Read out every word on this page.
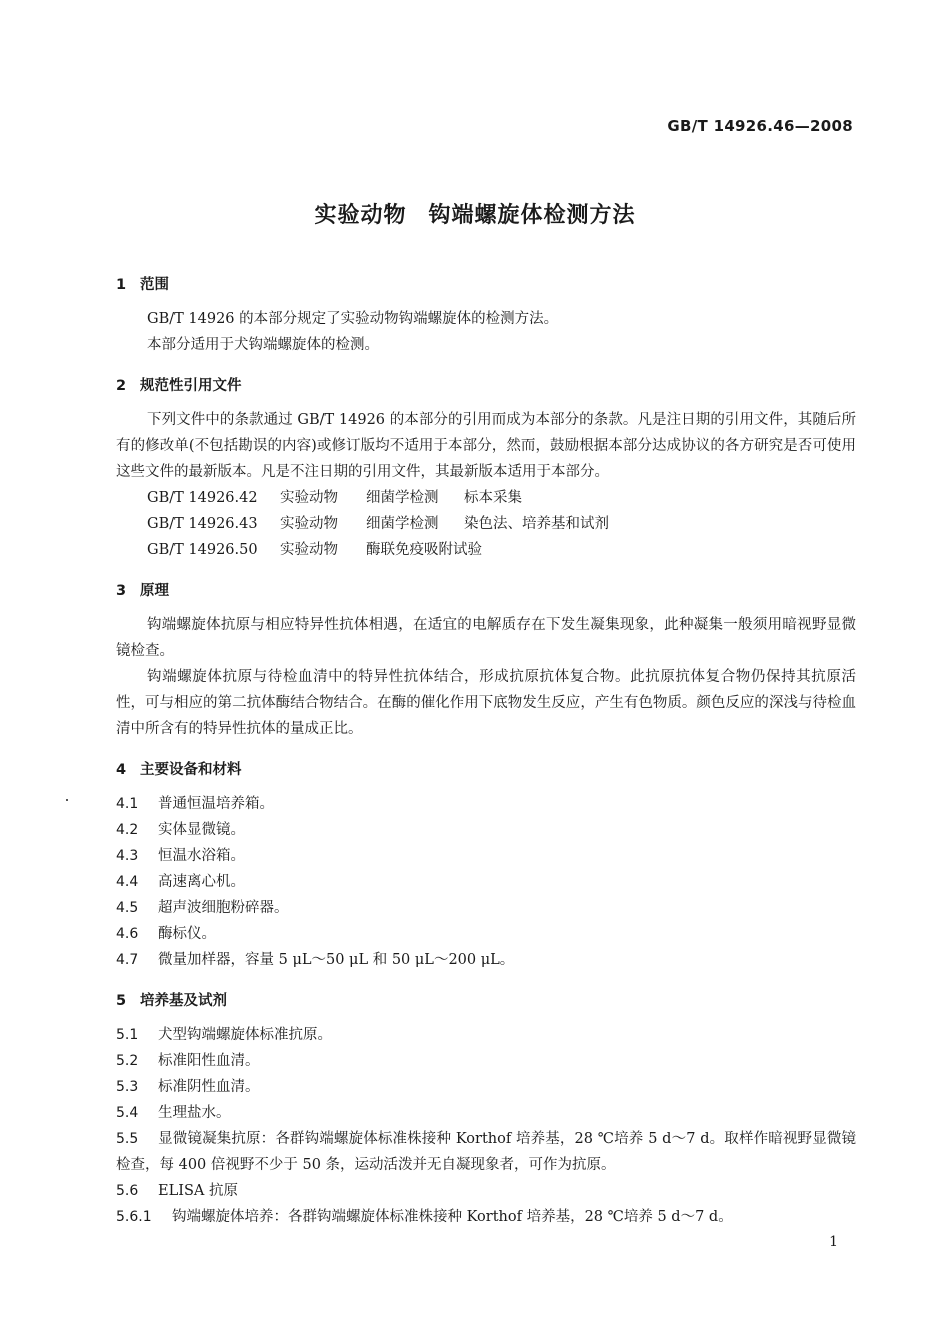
GB/T 14926.46—2008
实验动物 钩端螺旋体检测方法
1 范围

GB/T 14926 的本部分规定了实验动物钩端螺旋体的检测方法。

本部分适用于犬钩端螺旋体的检测。

2 规范性引用文件

下列文件中的条款通过 GB/T 14926 的本部分的引用而成为本部分的条款。凡是注日期的引用文件，其随后所有的修改单(不包括勘误的内容)或修订版均不适用于本部分，然而，鼓励根据本部分达成协议的各方研究是否可使用这些文件的最新版本。凡是不注日期的引用文件，其最新版本适用于本部分。

GB/T 14926.42	实验动物	细菌学检测	标本采集
GB/T 14926.43	实验动物	细菌学检测	染色法、培养基和试剂
GB/T 14926.50	实验动物	酶联免疫吸附试验
3 原理

钩端螺旋体抗原与相应特异性抗体相遇，在适宜的电解质存在下发生凝集现象，此种凝集一般须用暗视野显微镜检查。

钩端螺旋体抗原与待检血清中的特异性抗体结合，形成抗原抗体复合物。此抗原抗体复合物仍保持其抗原活性，可与相应的第二抗体酶结合物结合。在酶的催化作用下底物发生反应，产生有色物质。颜色反应的深浅与待检血清中所含有的特异性抗体的量成正比。

4 主要设备和材料
4.1	普通恒温培养箱。
4.2	实体显微镜。
4.3	恒温水浴箱。
4.4	高速离心机。
4.5	超声波细胞粉碎器。
4.6	酶标仪。
4.7	微量加样器，容量 5 μL～50 μL 和 50 μL～200 μL。
5 培养基及试剂
5.1	犬型钩端螺旋体标准抗原。
5.2	标准阳性血清。
5.3	标准阴性血清。
5.4	生理盐水。
5.5 显微镜凝集抗原：各群钩端螺旋体标准株接种 Korthof 培养基，28 ℃培养 5 d～7 d。取样作暗视野显微镜检查，每 400 倍视野不少于 50 条，运动活泼并无自凝现象者，可作为抗原。
5.6	ELISA 抗原
5.6.1	钩端螺旋体培养：各群钩端螺旋体标准株接种 Korthof 培养基，28 ℃培养 5 d～7 d。
1
